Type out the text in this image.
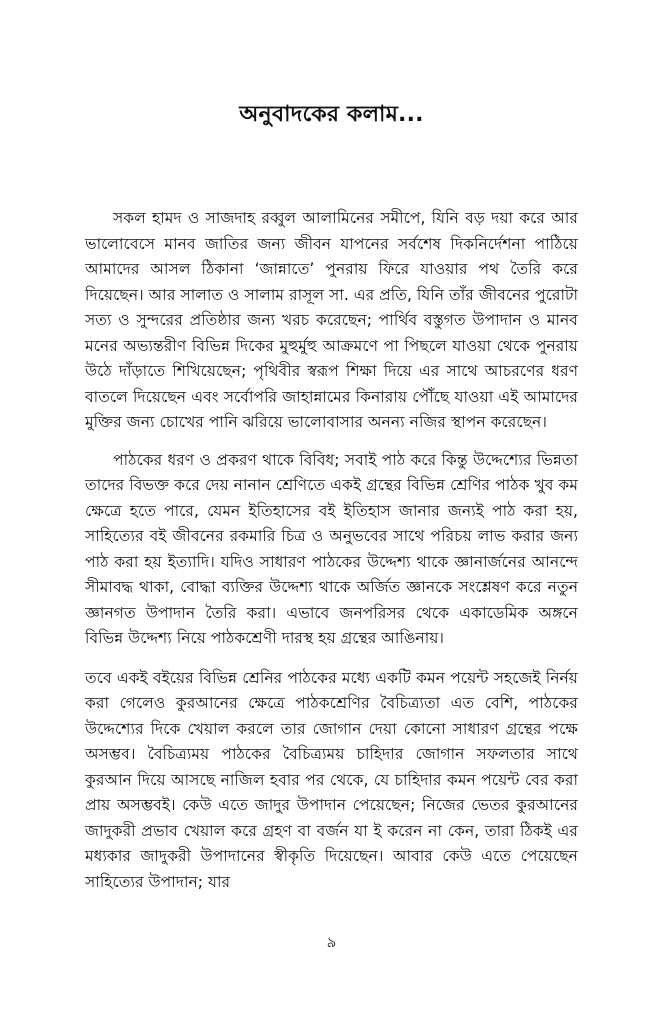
অনুবাদকের কলাম...

সকল হামদ ও সাজদাহ রব্বুল আলামিনের সমীপে, যিনি বড় দয়া করে আর ভালোবেসে মানব জাতির জন্য জীবন যাপনের সর্বশেষ দিকনির্দেশনা পাঠিয়ে আমাদের আসল ঠিকানা ‘জান্নাতে’ পুনরায় ফিরে যাওয়ার পথ তৈরি করে দিয়েছেন। আর সালাত ও সালাম রাসূল সা. এর প্রতি, যিনি তাঁর জীবনের পুরোটা সত্য ও সুন্দরের প্রতিষ্ঠার জন্য খরচ করেছেন; পার্থিব বস্তুগত উপাদান ও মানব মনের অভ্যন্তরীণ বিভিন্ন দিকের মুহুর্মুহু আক্রমণে পা পিছলে যাওয়া থেকে পুনরায় উঠে দাঁড়াতে শিখিয়েছেন; পৃথিবীর স্বরূপ শিক্ষা দিয়ে এর সাথে আচরণের ধরণ বাতলে দিয়েছেন এবং সর্বোপরি জাহান্নামের কিনারায় পৌঁছে যাওয়া এই আমাদের মুক্তির জন্য চোখের পানি ঝরিয়ে ভালোবাসার অনন্য নজির স্থাপন করেছেন।

পাঠকের ধরণ ও প্রকরণ থাকে বিবিধ; সবাই পাঠ করে কিন্তু উদ্দেশ্যের ভিন্নতা তাদের বিভক্ত করে দেয় নানান শ্রেণিতে একই গ্রন্থের বিভিন্ন শ্রেণির পাঠক খুব কম ক্ষেত্রে হতে পারে, যেমন ইতিহাসের বই ইতিহাস জানার জন্যই পাঠ করা হয়, সাহিত্যের বই জীবনের রকমারি চিত্র ও অনুভবের সাথে পরিচয় লাভ করার জন্য পাঠ করা হয় ইত্যাদি। যদিও সাধারণ পাঠকের উদ্দেশ্য থাকে জ্ঞানার্জনের আনন্দে সীমাবদ্ধ থাকা, বোদ্ধা ব্যক্তির উদ্দেশ্য থাকে অর্জিত জ্ঞানকে সংশ্লেষণ করে নতুন জ্ঞানগত উপাদান তৈরি করা। এভাবে জনপরিসর থেকে একাডেমিক অঙ্গনে বিভিন্ন উদ্দেশ্য নিয়ে পাঠকশ্রেণী দারস্থ হয় গ্রন্থের আঙিনায়।

তবে একই বইয়ের বিভিন্ন শ্রেনির পাঠকের মধ্যে একটি কমন পয়েন্ট সহজেই নির্নয় করা গেলেও কুরআনের ক্ষেত্রে পাঠকশ্রেণির বৈচিত্র্যতা এত বেশি, পাঠকের উদ্দেশ্যের দিকে খেয়াল করলে তার জোগান দেয়া কোনো সাধারণ গ্রন্থের পক্ষে অসম্ভব। বৈচিত্র্যময় পাঠকের বৈচিত্র্যময় চাহিদার জোগান সফলতার সাথে কুরআন দিয়ে আসছে নাজিল হবার পর থেকে, যে চাহিদার কমন পয়েন্ট বের করা প্রায় অসম্ভবই। কেউ এতে জাদুর উপাদান পেয়েছেন; নিজের ভেতর কুরআনের জাদুকরী প্রভাব খেয়াল করে গ্রহণ বা বর্জন যা ই করেন না কেন, তারা ঠিকই এর মধ্যকার জাদুকরী উপাদানের স্বীকৃতি দিয়েছেন। আবার কেউ এতে পেয়েছেন সাহিত্যের উপাদান; যার

৯
